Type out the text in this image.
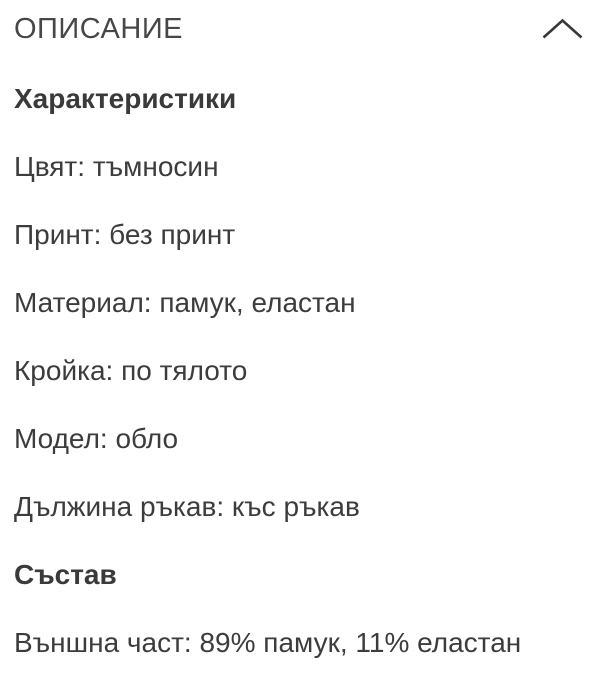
ОПИСАНИЕ

Характеристики

Цвят: тъмносин

Принт: без принт

Материал: памук, еластан

Кройка: по тялото

Модел: обло

Дължина ръкав: къс ръкав

Състав

Външна част: 89% памук, 11% еластан
